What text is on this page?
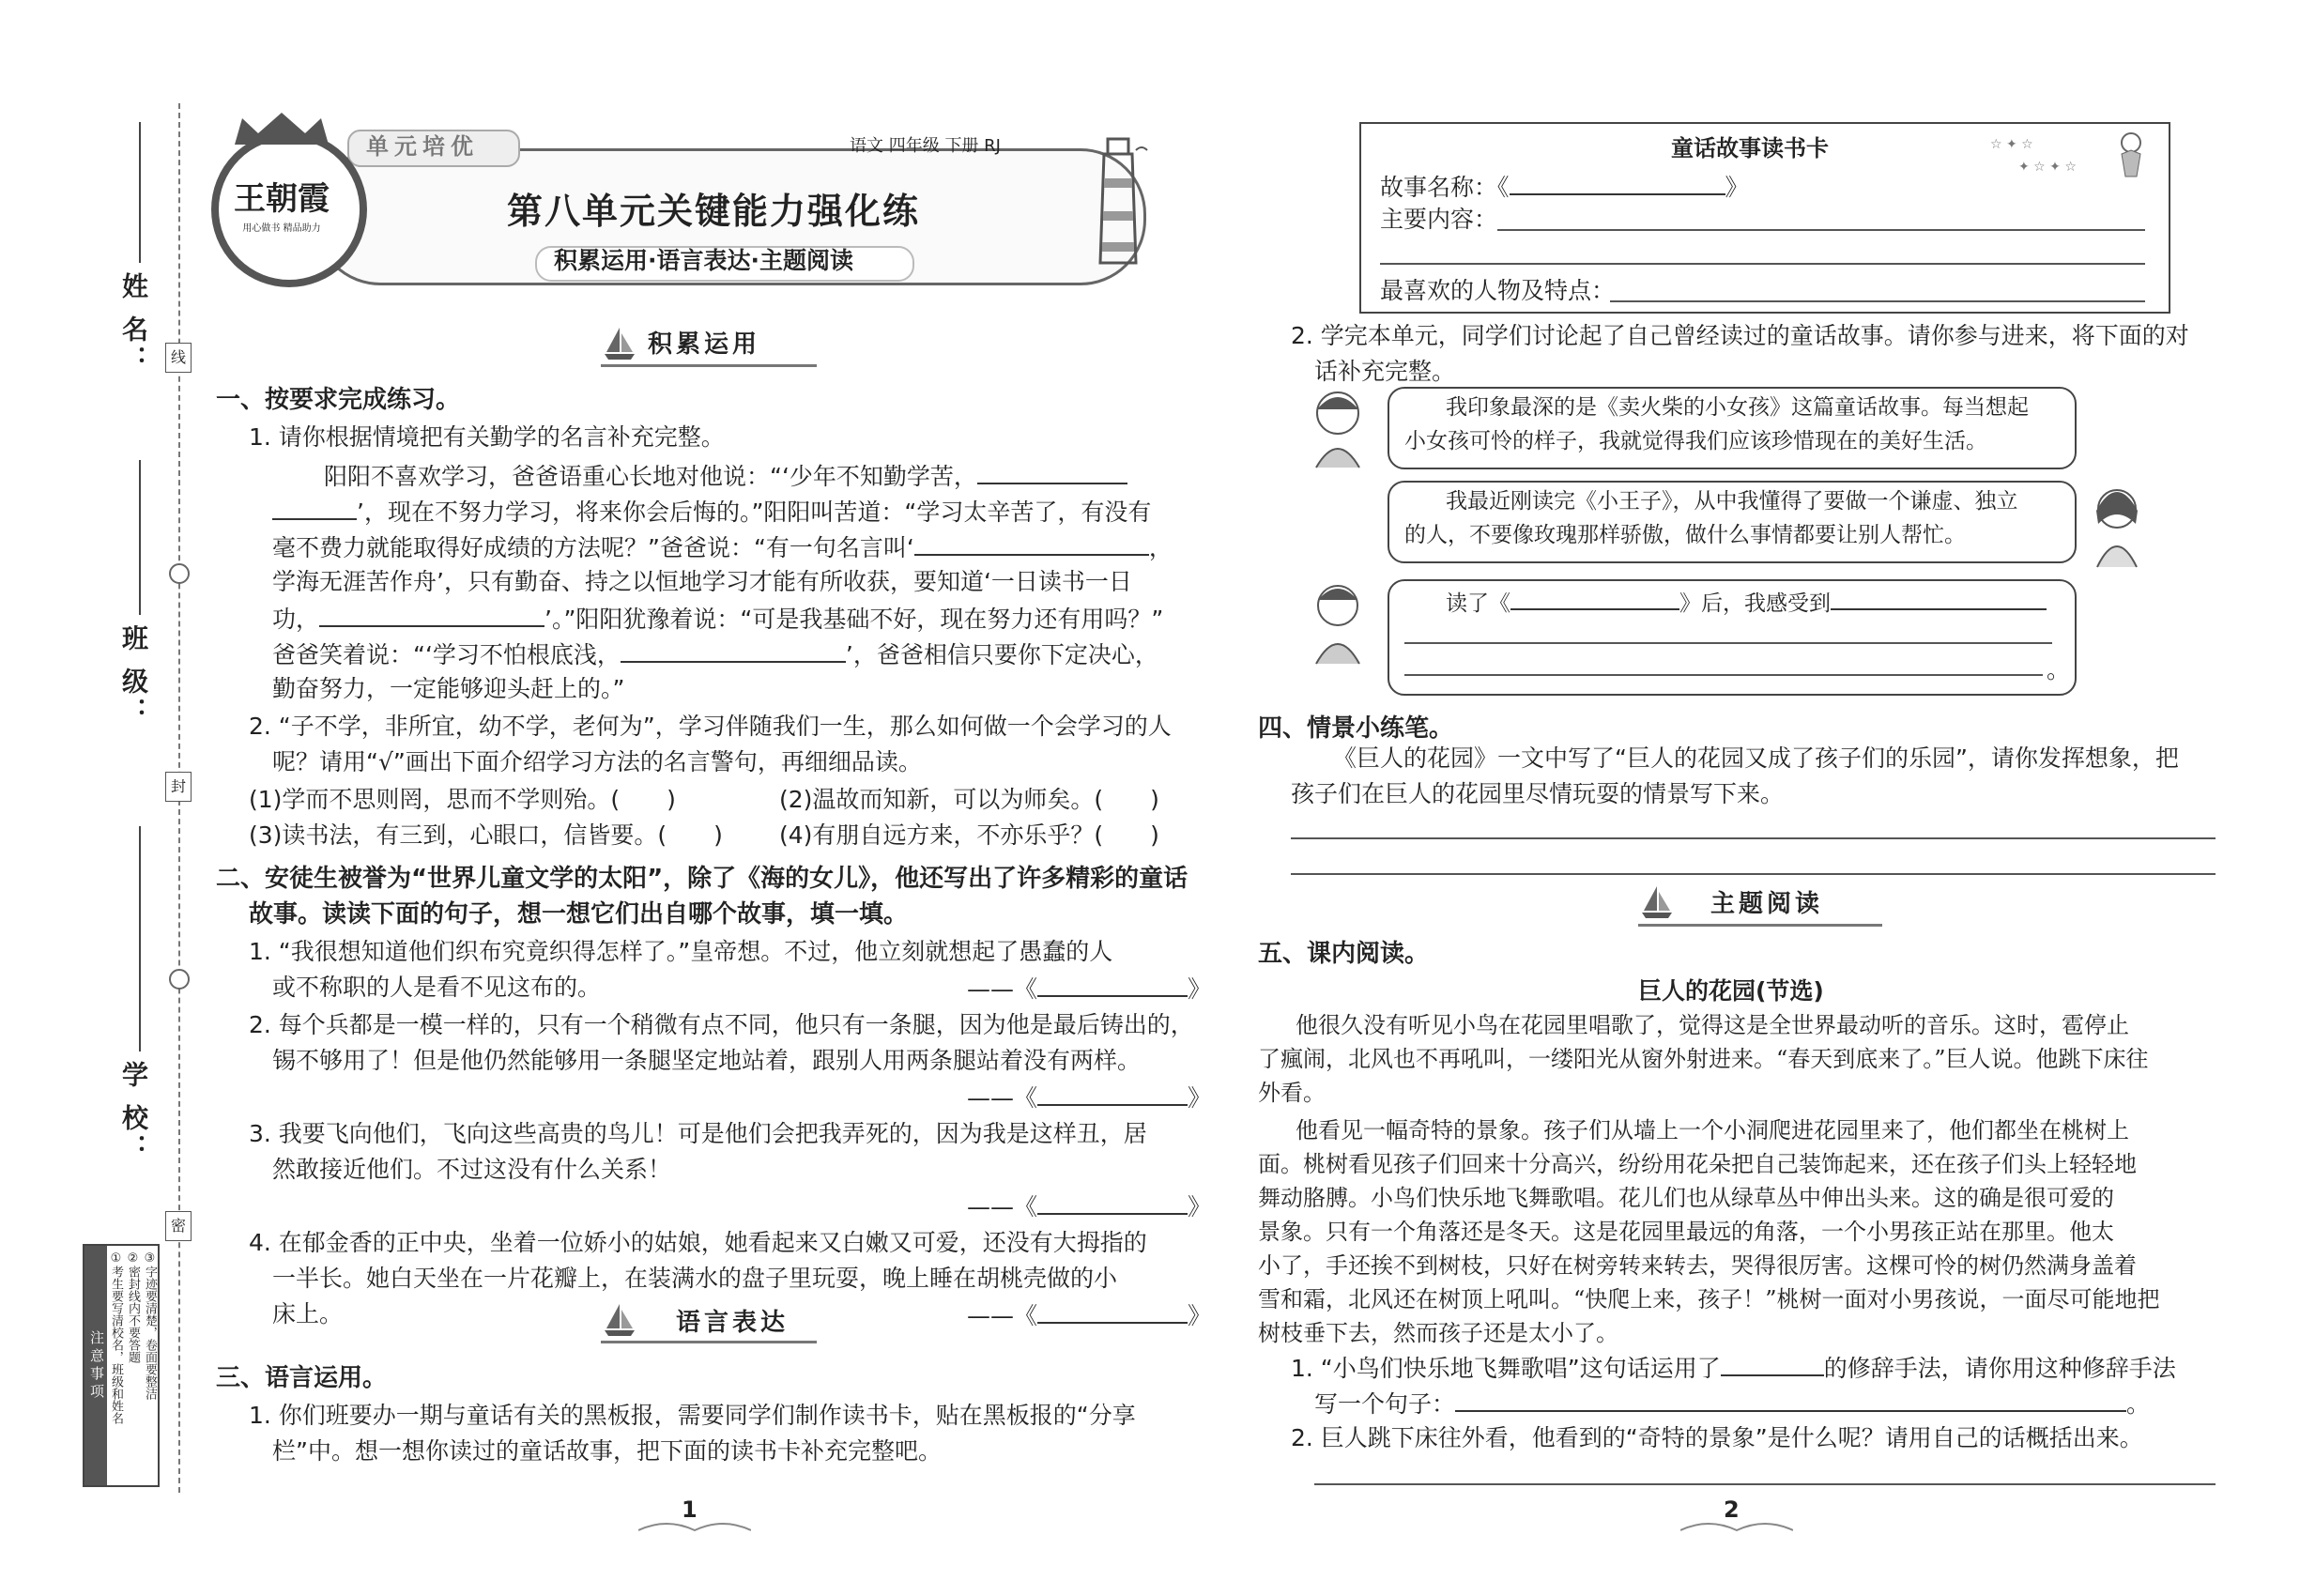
线
封
密
姓 名：
班 级：
学 校：
注意事项 ①考生要写清校名，班级和姓名 ②密封线内不要答题 ③字迹要清楚，卷面要整洁
单元培优	语文 四年级 下册 RJ
王朝霞
用心做书 精品助力	第八单元关键能力强化练
积累运用·语言表达·主题阅读
积累运用
一、按要求完成练习。
1. 请你根据情境把有关勤学的名言补充完整。
阳阳不喜欢学习，爸爸语重心长地对他说：“‘少年不知勤学苦，
’，现在不努力学习，将来你会后悔的。”阳阳叫苦道：“学习太辛苦了，有没有
毫不费力就能取得好成绩的方法呢？”爸爸说：“有一句名言叫‘	，
学海无涯苦作舟’，只有勤奋、持之以恒地学习才能有所收获，要知道‘一日读书一日
功，	’。”阳阳犹豫着说：“可是我基础不好，现在努力还有用吗？”
爸爸笑着说：“‘学习不怕根底浅，	’，爸爸相信只要你下定决心，
勤奋努力，一定能够迎头赶上的。”
2. “子不学，非所宜，幼不学，老何为”，学习伴随我们一生，那么如何做一个会学习的人
呢？请用“√”画出下面介绍学习方法的名言警句，再细细品读。
(1)学而不思则罔，思而不学则殆。(　　)	(2)温故而知新，可以为师矣。(　　)
(3)读书法，有三到，心眼口，信皆要。(　　) (4)有朋自远方来，不亦乐乎？(　　)
二、安徒生被誉为“世界儿童文学的太阳”，除了《海的女儿》，他还写出了许多精彩的童话
故事。读读下面的句子，想一想它们出自哪个故事，填一填。
1. “我很想知道他们织布究竟织得怎样了。”皇帝想。不过，他立刻就想起了愚蠢的人
或不称职的人是看不见这布的。	——《	》
2. 每个兵都是一模一样的，只有一个稍微有点不同，他只有一条腿，因为他是最后铸出的，
锡不够用了！但是他仍然能够用一条腿坚定地站着，跟别人用两条腿站着没有两样。
——《	》
3. 我要飞向他们，飞向这些高贵的鸟儿！可是他们会把我弄死的，因为我是这样丑，居
然敢接近他们。不过这没有什么关系！
——《	》
4. 在郁金香的正中央，坐着一位娇小的姑娘，她看起来又白嫩又可爱，还没有大拇指的
一半长。她白天坐在一片花瓣上，在装满水的盘子里玩耍，晚上睡在胡桃壳做的小
床上。	——《	》
语言表达
三、语言运用。
1. 你们班要办一期与童话有关的黑板报，需要同学们制作读书卡，贴在黑板报的“分享
栏”中。想一想你读过的童话故事，把下面的读书卡补充完整吧。
1
童话故事读书卡	☆ ✦ ☆
✦ ☆ ✦ ☆
故事名称：《	》
主要内容：
最喜欢的人物及特点：
2. 学完本单元，同学们讨论起了自己曾经读过的童话故事。请你参与进来，将下面的对
话补充完整。
我印象最深的是《卖火柴的小女孩》这篇童话故事。每当想起
小女孩可怜的样子，我就觉得我们应该珍惜现在的美好生活。
我最近刚读完《小王子》，从中我懂得了要做一个谦虚、独立
的人，不要像玫瑰那样骄傲，做什么事情都要让别人帮忙。
读了《	》后，我感受到
。
四、情景小练笔。
《巨人的花园》一文中写了“巨人的花园又成了孩子们的乐园”，请你发挥想象，把
孩子们在巨人的花园里尽情玩耍的情景写下来。
主题阅读
五、课内阅读。
巨人的花园(节选)
他很久没有听见小鸟在花园里唱歌了，觉得这是全世界最动听的音乐。这时，雹停止
了瘋闹，北风也不再吼叫，一缕阳光从窗外射进来。“春天到底来了。”巨人说。他跳下床往
外看。
他看见一幅奇特的景象。孩子们从墙上一个小洞爬进花园里来了，他们都坐在桃树上
面。桃树看见孩子们回来十分高兴，纷纷用花朵把自己装饰起来，还在孩子们头上轻轻地
舞动胳膊。小鸟们快乐地飞舞歌唱。花儿们也从绿草丛中伸出头来。这的确是很可爱的
景象。只有一个角落还是冬天。这是花园里最远的角落，一个小男孩正站在那里。他太
小了，手还挨不到树枝，只好在树旁转来转去，哭得很厉害。这棵可怜的树仍然满身盖着
雪和霜，北风还在树顶上吼叫。“快爬上来，孩子！”桃树一面对小男孩说，一面尽可能地把
树枝垂下去，然而孩子还是太小了。
1. “小鸟们快乐地飞舞歌唱”这句话运用了	的修辞手法，请你用这种修辞手法
写一个句子：	。
2. 巨人跳下床往外看，他看到的“奇特的景象”是什么呢？请用自己的话概括出来。
2
